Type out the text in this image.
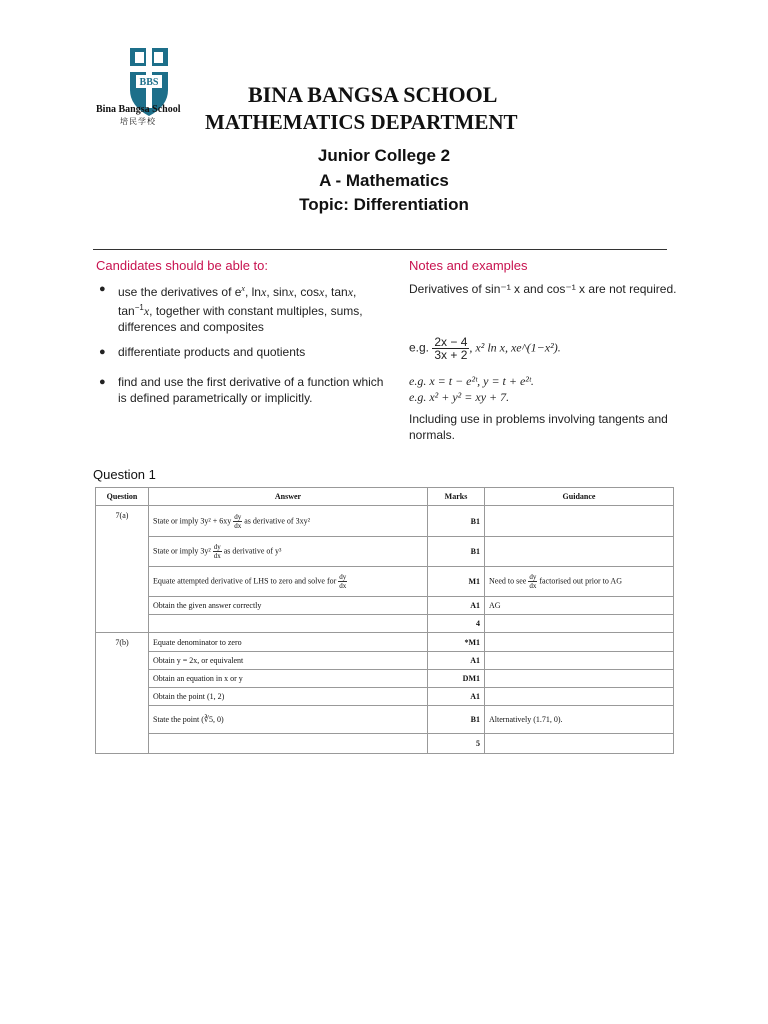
BBS
Bina Bangsa School
培民学校
BINA BANGSA SCHOOL
MATHEMATICS DEPARTMENT
Junior College 2
A - Mathematics
Topic: Differentiation
Candidates should be able to:	Notes and examples
● use the derivatives of $e^x$, lnx, sinx, cosx, tanx, $\tan^{-1}x$, together with constant multiples, sums, differences and composites
● differentiate products and quotients
● find and use the first derivative of a function which is defined parametrically or implicitly.
Derivatives of sin⁻¹ x and cos⁻¹ x are not required.
e.g. $\frac{2x - 4}{3x + 2}$ , x² ln x, xe^(1−x²).
e.g. x = t − e²ᵗ, y = t + e²ᵗ.
e.g. x² + y² = xy + 7.
Including use in problems involving tangents and normals.
Question 1
Question	Answer	Marks	Guidance
7(a)	State or imply $3y^2 + 6xy \frac{dy}{dx}$ as derivative of 3xy²	B1	
	State or imply $3y^2 \frac{dy}{dx}$ as derivative of y³	B1	
	Equate attempted derivative of LHS to zero and solve for $\frac{dy}{dx}$	M1	Need to see $\frac{dy}{dx}$ factorised out prior to AG
	Obtain the given answer correctly	A1	AG
		4	
7(b)	Equate denominator to zero	*M1	
	Obtain y = 2x, or equivalent	A1	
	Obtain an equation in x or y	DM1	
	Obtain the point (1, 2)	A1	
	State the point (∛5, 0)	B1	Alternatively (1.71, 0).
		5	
